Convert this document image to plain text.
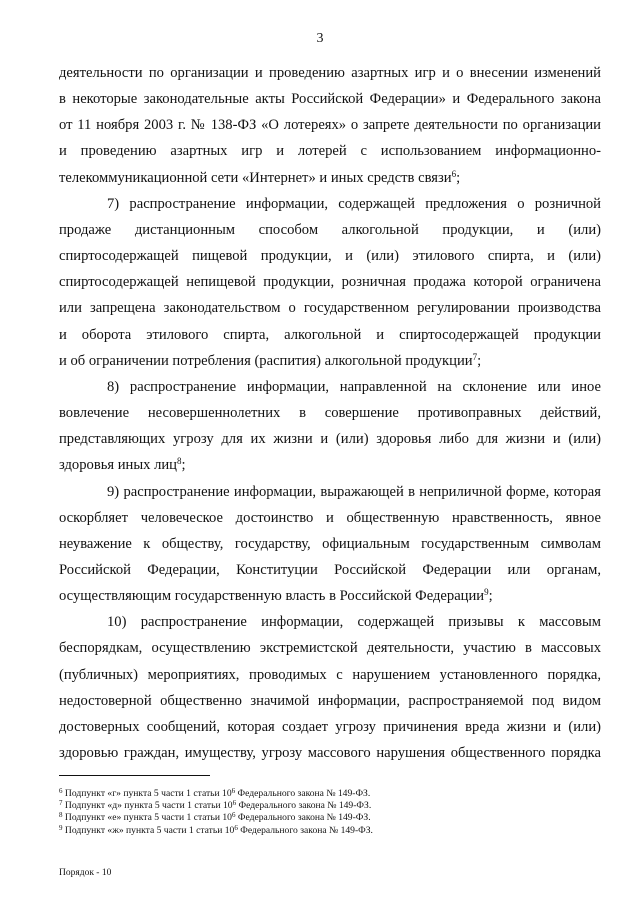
3
деятельности по организации и проведению азартных игр и о внесении изменений
в некоторые законодательные акты Российской Федерации» и Федерального закона
от 11 ноября 2003 г. № 138-ФЗ «О лотереях» о запрете деятельности по организации
и проведению азартных игр и лотерей с использованием информационно-
телекоммуникационной сети «Интернет» и иных средств связи$^6$;
7) распространение информации, содержащей предложения о розничной
продаже дистанционным способом алкогольной продукции, и (или)
спиртосодержащей пищевой продукции, и (или) этилового спирта, и (или)
спиртосодержащей непищевой продукции, розничная продажа которой ограничена
или запрещена законодательством о государственном регулировании производства
и оборота этилового спирта, алкогольной и спиртосодержащей продукции
и об ограничении потребления (распития) алкогольной продукции$^7$;
8) распространение информации, направленной на склонение или иное
вовлечение несовершеннолетних в совершение противоправных действий,
представляющих угрозу для их жизни и (или) здоровья либо для жизни и (или)
здоровья иных лиц$^8$;
9) распространение информации, выражающей в неприличной форме, которая
оскорбляет человеческое достоинство и общественную нравственность, явное
неуважение к обществу, государству, официальным государственным символам
Российской Федерации, Конституции Российской Федерации или органам,
осуществляющим государственную власть в Российской Федерации$^9$;
10) распространение информации, содержащей призывы к массовым
беспорядкам, осуществлению экстремистской деятельности, участию в массовых
(публичных) мероприятиях, проводимых с нарушением установленного порядка,
недостоверной общественно значимой информации, распространяемой под видом
достоверных сообщений, которая создает угрозу причинения вреда жизни и (или)
здоровью граждан, имуществу, угрозу массового нарушения общественного порядка
$^6$ Подпункт «г» пункта 5 части 1 статьи $10^6$ Федерального закона № 149-ФЗ.
$^7$ Подпункт «д» пункта 5 части 1 статьи $10^6$ Федерального закона № 149-ФЗ.
$^8$ Подпункт «е» пункта 5 части 1 статьи $10^6$ Федерального закона № 149-ФЗ.
$^9$ Подпункт «ж» пункта 5 части 1 статьи $10^6$ Федерального закона № 149-ФЗ.
Порядок - 10
